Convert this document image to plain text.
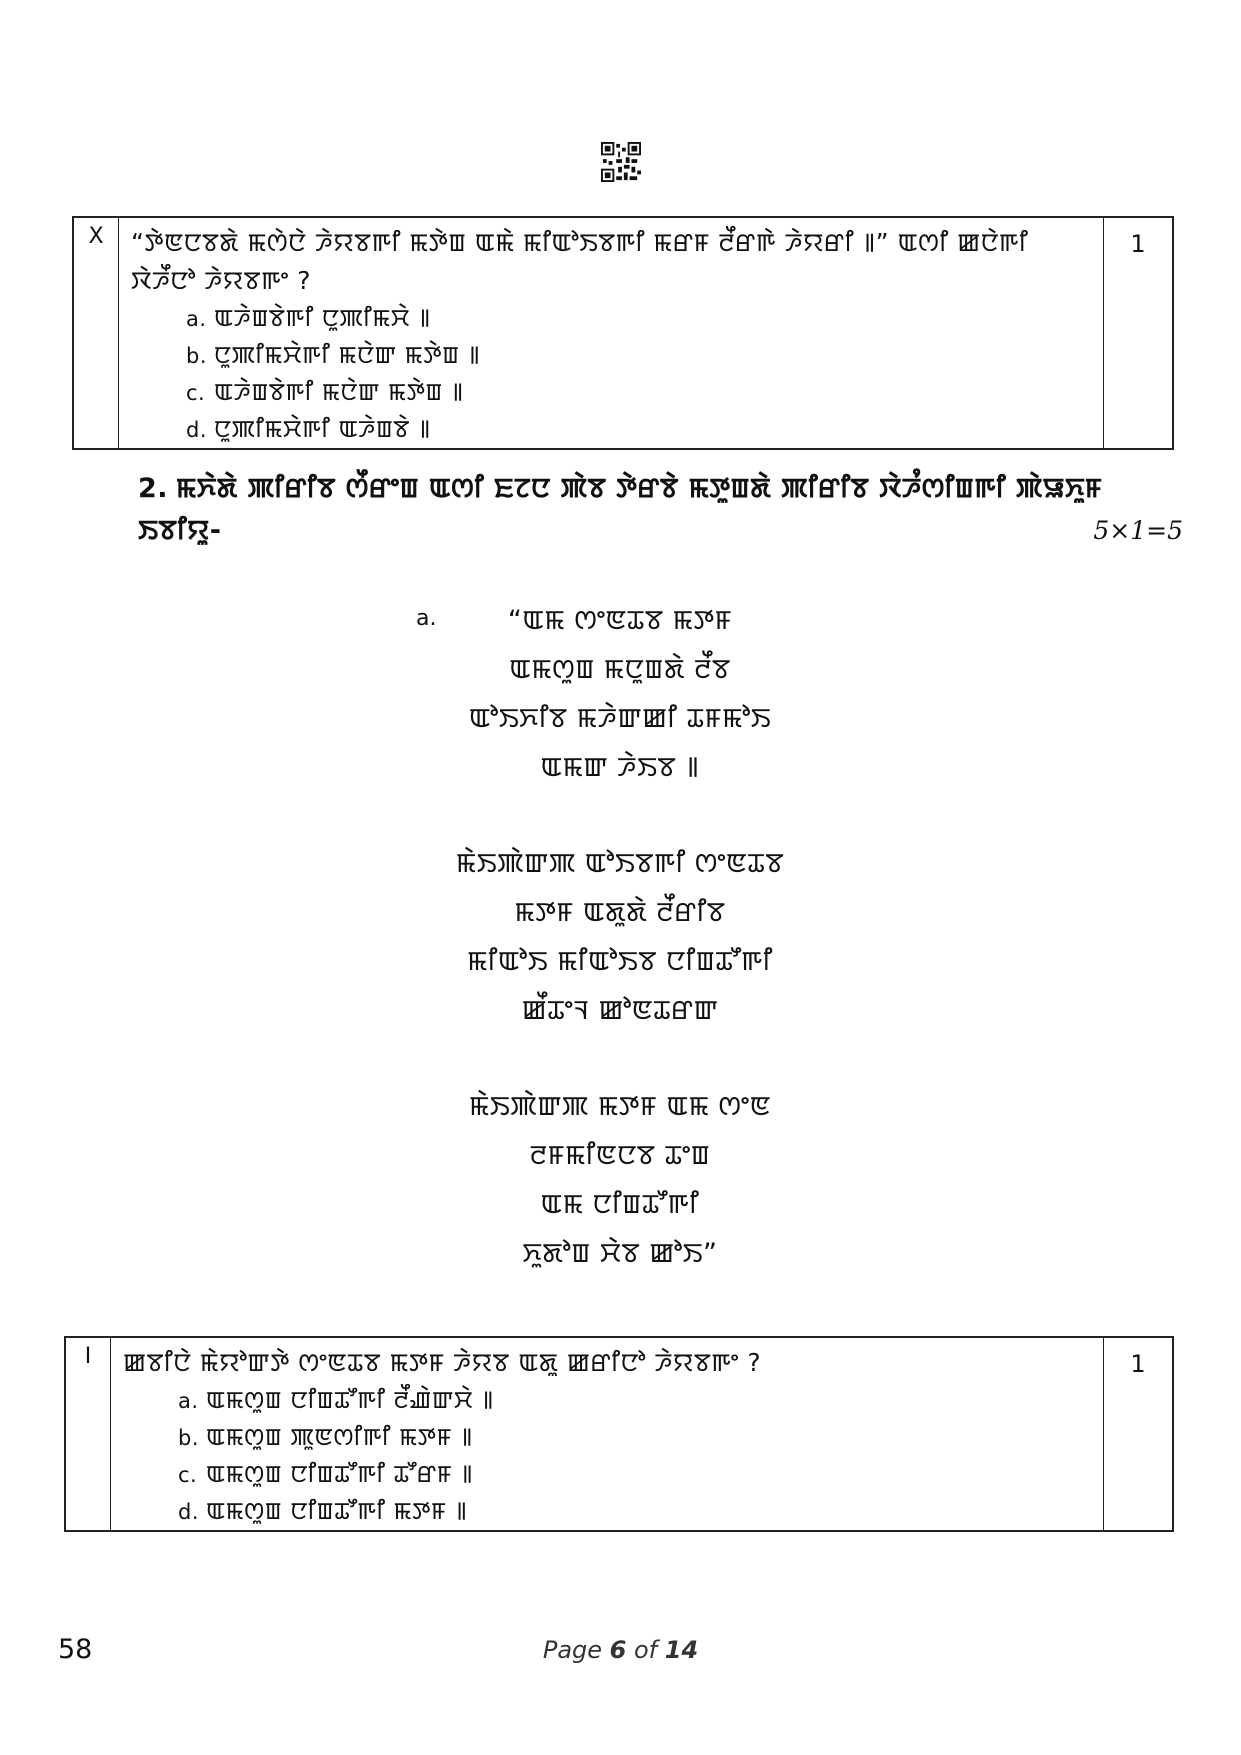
X	“ꯇꯥꯟꯅꯕꯗꯥ ꯃꯁꯥꯅꯥ ꯍꯥꯌꯕꯒꯤ ꯃꯇꯥꯡ ꯑꯃꯥ ꯃꯤꯑꯣꯏꯕꯒꯤ ꯃꯔꯝ ꯂꯩꯔꯒꯥ ꯍꯥꯌꯔꯤ ꯫” ꯑꯁꯤ ꯀꯅꯥꯒꯤ ꯋꯥꯍꯩꯅꯣ ꯍꯥꯌꯕꯒꯦ ?
a. ꯑꯍꯥꯡꯕꯥꯒꯤ ꯅꯨꯄꯤꯃꯆꯥ ꯫
b. ꯅꯨꯄꯤꯃꯆꯥꯒꯤ ꯃꯅꯥꯛ ꯃꯇꯥꯡ ꯫
c. ꯑꯍꯥꯡꯕꯥꯒꯤ ꯃꯅꯥꯛ ꯃꯇꯥꯡ ꯫
d. ꯅꯨꯄꯤꯃꯆꯥꯒꯤ ꯑꯍꯥꯡꯕꯥ ꯫
	1
2. ꯃꯈꯥꯗꯥ ꯄꯤꯔꯤꯕ ꯁꯩꯔꯦꯡ ꯑꯁꯤ ꯐꯖꯅ ꯄꯥꯕ ꯇꯥꯔꯕꯥ ꯃꯇꯨꯡꯗꯥ ꯄꯤꯔꯤꯕ ꯋꯥꯍꯪꯁꯤꯡꯒꯤ ꯄꯥꯎꯈꯨꯝ ꯏꯕꯤꯌꯨ-	5×1=5
a.	“ꯑꯃ ꯁꯦꯟꯊꯕ ꯃꯇꯝ
ꯑꯃꯁꯨꯡ ꯃꯅꯨꯡꯗꯥ ꯂꯩꯕ
ꯑꯣꯏꯈꯤꯕ ꯃꯍꯥꯛꯀꯤ ꯊꯝꯃꯣꯏ
ꯑꯃꯛ ꯍꯥꯏꯕ ꯫
ꯃꯥꯏꯄꯥꯛꯄ ꯑꯣꯏꯕꯒꯤ ꯁꯦꯟꯊꯕ
ꯃꯇꯝ ꯑꯗꯨꯗꯥ ꯂꯩꯔꯤꯕ
ꯃꯤꯑꯣꯏ ꯃꯤꯑꯣꯏꯕ ꯅꯤꯡꯊꯧꯒꯤ
ꯀꯩꯊꯦꯜ ꯀꯣꯟꯊꯔꯛ
ꯃꯥꯏꯄꯥꯛꯄ ꯃꯇꯝ ꯑꯃ ꯁꯦꯟ
ꯂꯝꯃꯤꯟꯅꯕ ꯊꯦꯡ
ꯑꯃ ꯅꯤꯡꯊꯧꯒꯤ
ꯈꯨꯗꯣꯡ ꯆꯥꯕ ꯀꯣꯏ”
I	ꯀꯕꯤꯅꯥ ꯃꯥꯌꯣꯛꯇꯥ ꯁꯦꯟꯊꯕ ꯃꯇꯝ ꯍꯥꯌꯕ ꯑꯗꯨ ꯀꯔꯤꯅꯣ ꯍꯥꯌꯕꯒꯦ ?
a. ꯑꯃꯁꯨꯡ ꯅꯤꯡꯊꯧꯒꯤ ꯂꯩꯉꯥꯛꯆꯥ ꯫
b. ꯑꯃꯁꯨꯡ ꯄꯨꯟꯁꯤꯒꯤ ꯃꯇꯝ ꯫
c. ꯑꯃꯁꯨꯡ ꯅꯤꯡꯊꯧꯒꯤ ꯊꯧꯔꯝ ꯫
d. ꯑꯃꯁꯨꯡ ꯅꯤꯡꯊꯧꯒꯤ ꯃꯇꯝ ꯫
	1
58	Page 6 of 14
